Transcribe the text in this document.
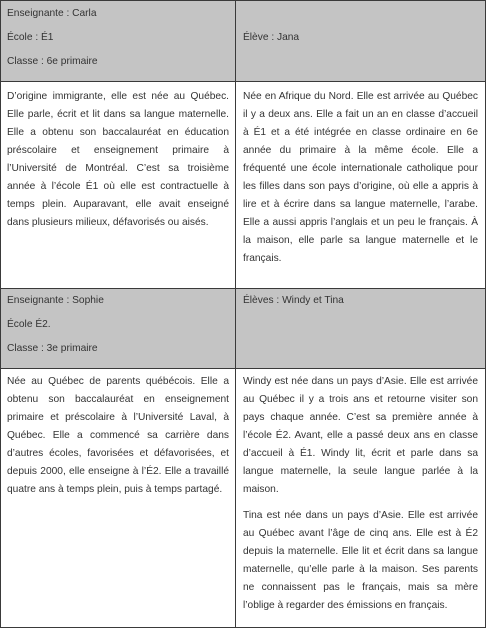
Enseignante : Carla

École : É1

Classe : 6e primaire

Élève : Jana

D’origine immigrante, elle est née au Québec. Elle parle, écrit et lit dans sa langue maternelle. Elle a obtenu son baccalauréat en éducation préscolaire et enseignement primaire à l’Université de Montréal. C’est sa troisième année à l’école É1 où elle est contractuelle à temps plein. Auparavant, elle avait enseigné dans plusieurs milieux, défavorisés ou aisés.

Née en Afrique du Nord. Elle est arrivée au Québec il y a deux ans. Elle a fait un an en classe d’accueil à É1 et a été intégrée en classe ordinaire en 6e année du primaire à la même école. Elle a fréquenté une école internationale catholique pour les filles dans son pays d’origine, où elle a appris à lire et à écrire dans sa langue maternelle, l’arabe. Elle a aussi appris l’anglais et un peu le français. À la maison, elle parle sa langue maternelle et le français.

Enseignante : Sophie

École É2.

Classe : 3e primaire

Élèves : Windy et Tina

Née au Québec de parents québécois. Elle a obtenu son baccalauréat en enseignement primaire et préscolaire à l’Université Laval, à Québec. Elle a commencé sa carrière dans d’autres écoles, favorisées et défavorisées, et depuis 2000, elle enseigne à l’É2. Elle a travaillé quatre ans à temps plein, puis à temps partagé.

Windy est née dans un pays d’Asie. Elle est arrivée au Québec il y a trois ans et retourne visiter son pays chaque année. C’est sa première année à l’école É2. Avant, elle a passé deux ans en classe d’accueil à É1. Windy lit, écrit et parle dans sa langue maternelle, la seule langue parlée à la maison.

Tina est née dans un pays d’Asie. Elle est arrivée au Québec avant l’âge de cinq ans. Elle est à É2 depuis la maternelle. Elle lit et écrit dans sa langue maternelle, qu’elle parle à la maison. Ses parents ne connaissent pas le français, mais sa mère l’oblige à regarder des émissions en français.
